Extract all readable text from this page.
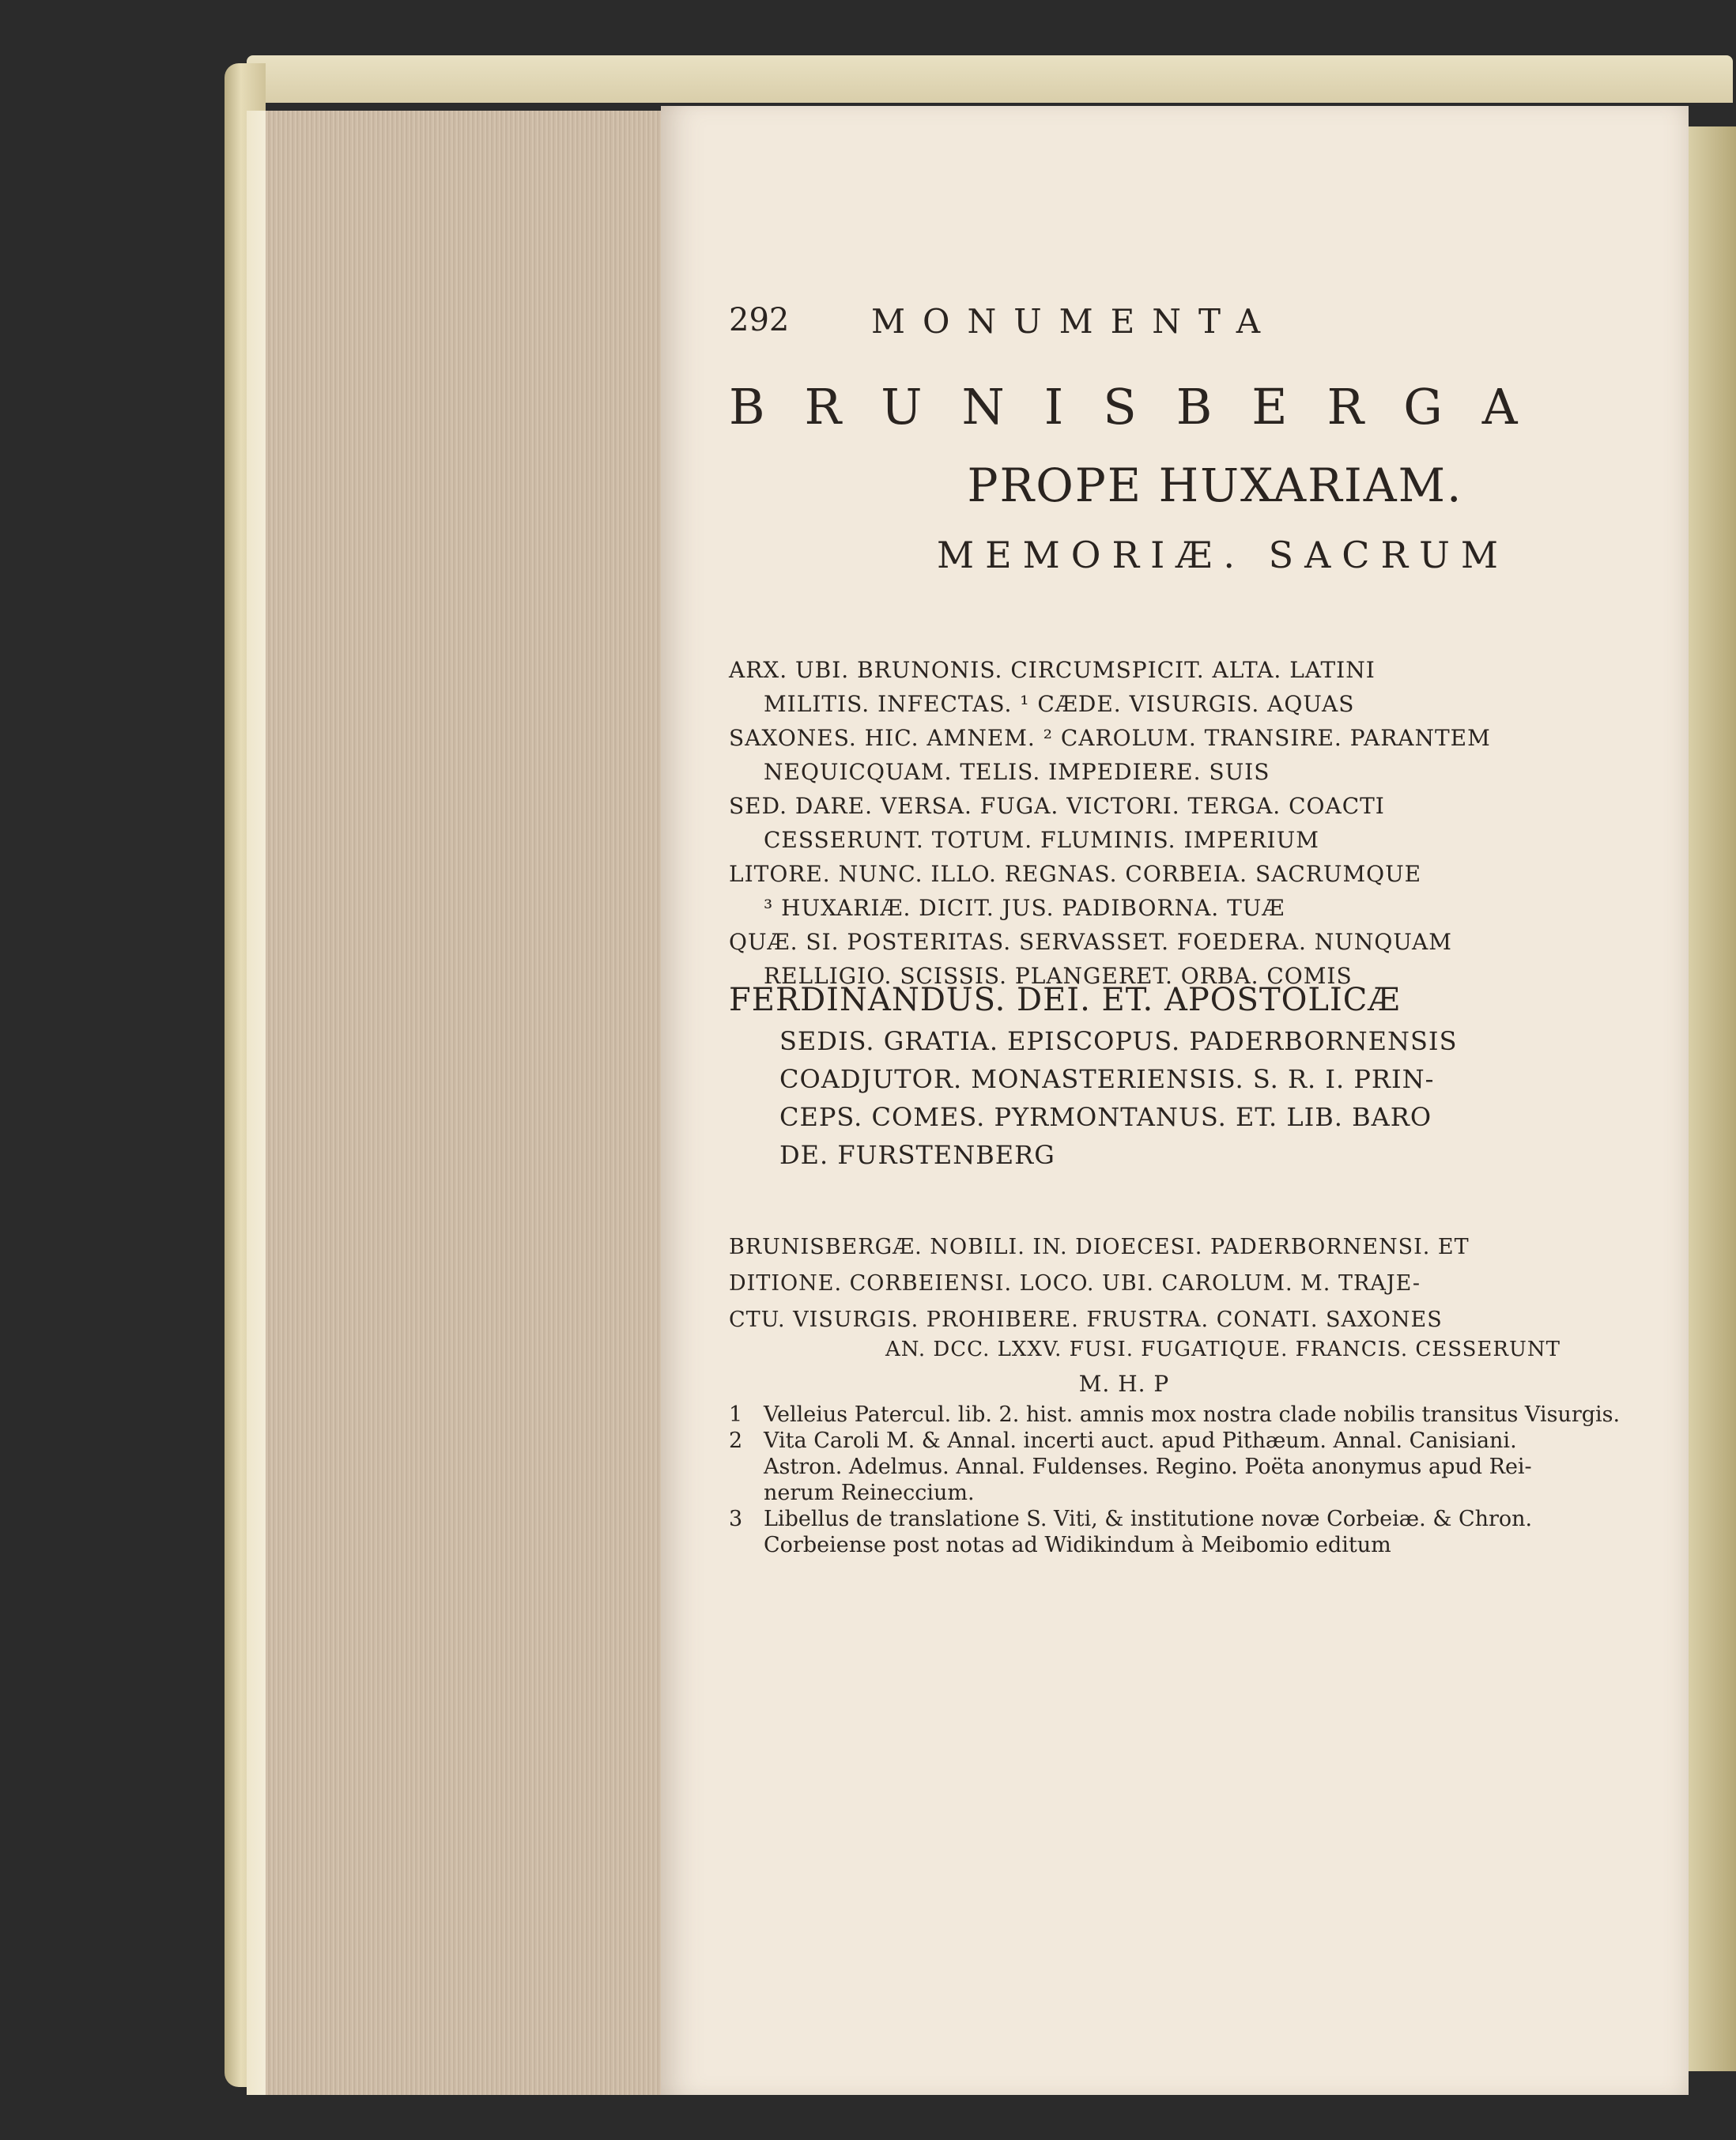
292 MONUMENTA
BRUNISBERGA
PROPE HUXARIAM.
MEMORIÆ. SACRUM
ARX. UBI. BRUNONIS. CIRCUMSPICIT. ALTA. LATINI
MILITIS. INFECTAS. ¹ CÆDE. VISURGIS. AQUAS
SAXONES. HIC. AMNEM. ² CAROLUM. TRANSIRE. PARANTEM
NEQUICQUAM. TELIS. IMPEDIERE. SUIS
SED. DARE. VERSA. FUGA. VICTORI. TERGA. COACTI
CESSERUNT. TOTUM. FLUMINIS. IMPERIUM
LITORE. NUNC. ILLO. REGNAS. CORBEIA. SACRUMQUE
³ HUXARIÆ. DICIT. JUS. PADIBORNA. TUÆ
QUÆ. SI. POSTERITAS. SERVASSET. FOEDERA. NUNQUAM
RELLIGIO. SCISSIS. PLANGERET. ORBA. COMIS
FERDINANDUS. DEI. ET. APOSTOLICÆ
SEDIS. GRATIA. EPISCOPUS. PADERBORNENSIS
COADJUTOR. MONASTERIENSIS. S. R. I. PRIN-
CEPS. COMES. PYRMONTANUS. ET. LIB. BARO
DE. FURSTENBERG
BRUNISBERGÆ. NOBILI. IN. DIOECESI. PADERBORNENSI. ET
DITIONE. CORBEIENSI. LOCO. UBI. CAROLUM. M. TRAJE-
CTU. VISURGIS. PROHIBERE. FRUSTRA. CONATI. SAXONES
AN. DCC. LXXV. FUSI. FUGATIQUE. FRANCIS. CESSERUNT
M. H. P
1 Velleius Patercul. lib. 2. hist. amnis mox nostra clade nobilis transitus Visurgis.
2 Vita Caroli M. & Annal. incerti auct. apud Pithæum. Annal. Canisiani.
Astron. Adelmus. Annal. Fuldenses. Regino. Poëta anonymus apud Rei-
nerum Reineccium.
3 Libellus de translatione S. Viti, & institutione novæ Corbeiæ. & Chron.
Corbeiense post notas ad Widikindum à Meibomio editum
